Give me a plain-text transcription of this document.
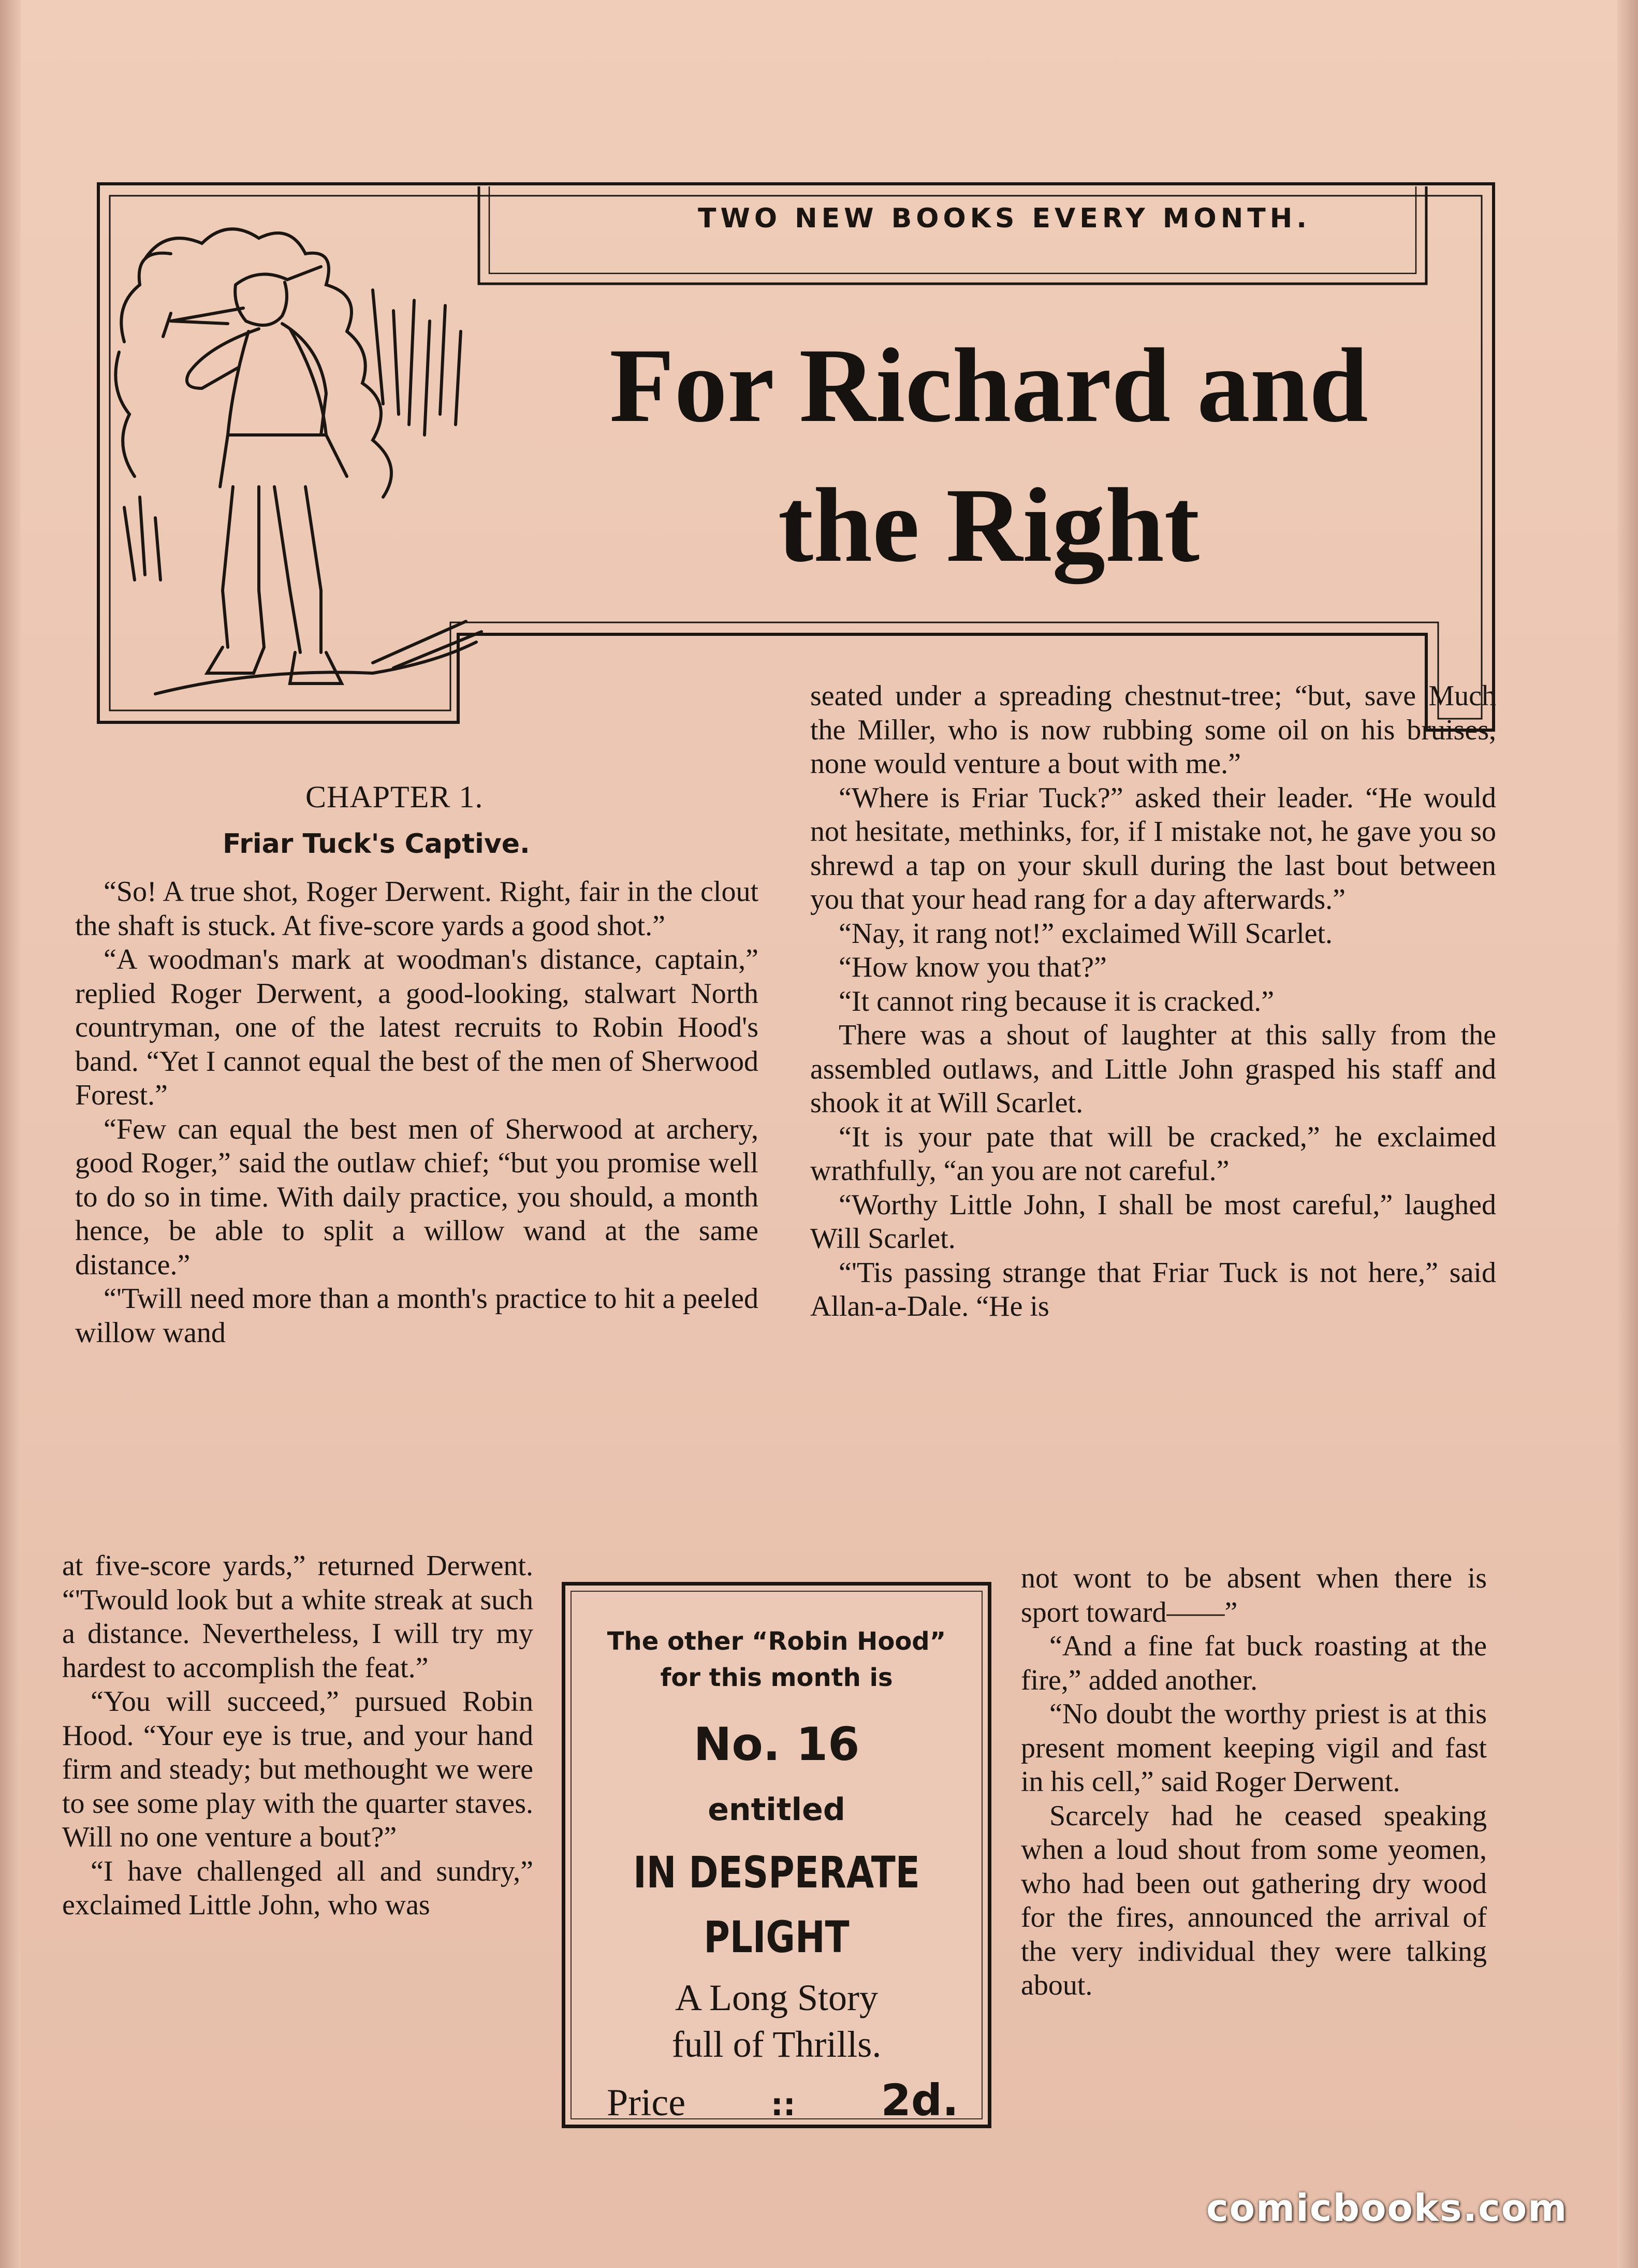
TWO NEW BOOKS EVERY MONTH.
For Richard and
the Right
CHAPTER 1.
Friar Tuck's Captive.

“So! A true shot, Roger Derwent. Right, fair in the clout the shaft is stuck. At five-score yards a good shot.”

“A woodman's mark at woodman's distance, captain,” replied Roger Derwent, a good-looking, stalwart North countryman, one of the latest recruits to Robin Hood's band. “Yet I cannot equal the best of the men of Sherwood Forest.”

“Few can equal the best men of Sherwood at archery, good Roger,” said the outlaw chief; “but you promise well to do so in time. With daily practice, you should, a month hence, be able to split a willow wand at the same distance.”

“'Twill need more than a month's practice to hit a peeled willow wand

at five-score yards,” returned Derwent. “'Twould look but a white streak at such a distance. Nevertheless, I will try my hardest to accomplish the feat.”

“You will succeed,” pursued Robin Hood. “Your eye is true, and your hand firm and steady; but methought we were to see some play with the quarter staves. Will no one venture a bout?”

“I have challenged all and sundry,” exclaimed Little John, who was

seated under a spreading chestnut-tree; “but, save Much the Miller, who is now rubbing some oil on his bruises, none would venture a bout with me.”

“Where is Friar Tuck?” asked their leader. “He would not hesitate, methinks, for, if I mistake not, he gave you so shrewd a tap on your skull during the last bout between you that your head rang for a day afterwards.”

“Nay, it rang not!” exclaimed Will Scarlet.

“How know you that?”

“It cannot ring because it is cracked.”

There was a shout of laughter at this sally from the assembled outlaws, and Little John grasped his staff and shook it at Will Scarlet.

“It is your pate that will be cracked,” he exclaimed wrathfully, “an you are not careful.”

“Worthy Little John, I shall be most careful,” laughed Will Scarlet.

“'Tis passing strange that Friar Tuck is not here,” said Allan-a-Dale. “He is

not wont to be absent when there is sport toward——”

“And a fine fat buck roasting at the fire,” added another.

“No doubt the worthy priest is at this present moment keeping vigil and fast in his cell,” said Roger Derwent.

Scarcely had he ceased speaking when a loud shout from some yeomen, who had been out gathering dry wood for the fires, announced the arrival of the very individual they were talking about.

The other “Robin Hood”
for this month is
No. 16
entitled
IN DESPERATE
PLIGHT
A Long Story
full of Thrills.
Price	:: 2d.
comicbooks.com
